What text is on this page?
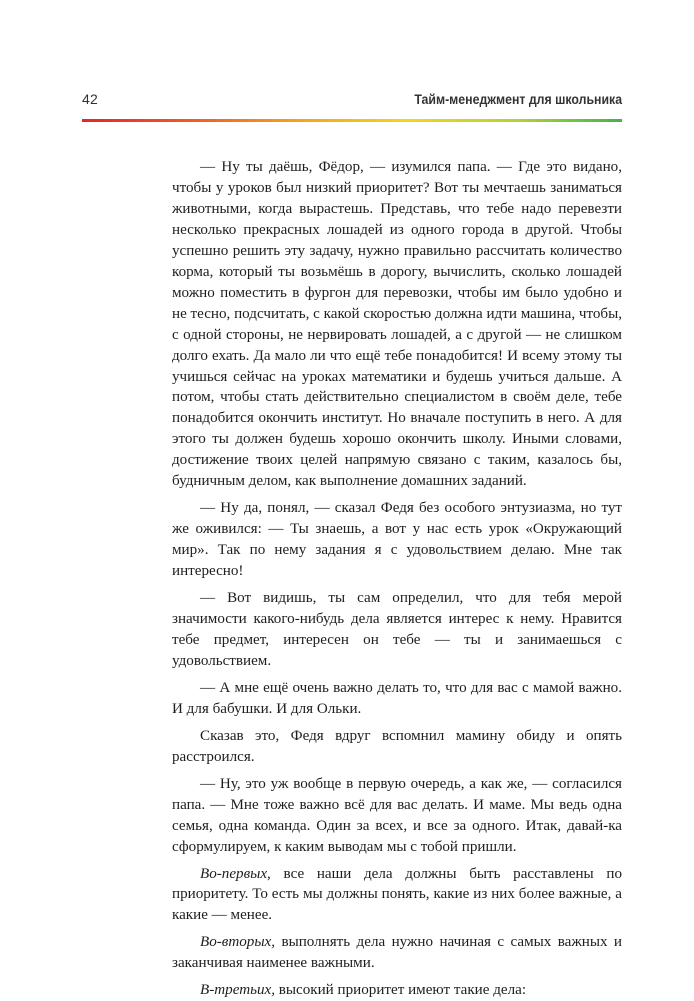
42	Тайм-менеджмент для школьника

— Ну ты даёшь, Фёдор, — изумился папа. — Где это видано, чтобы у уроков был низкий приоритет? Вот ты мечтаешь заниматься животными, когда вырастешь. Представь, что тебе надо перевезти несколько прекрасных лошадей из одного города в другой. Чтобы успешно решить эту задачу, нужно правильно рассчитать количество корма, который ты возьмёшь в дорогу, вычислить, сколько лошадей можно поместить в фургон для перевозки, чтобы им было удобно и не тесно, подсчитать, с какой скоростью должна идти машина, чтобы, с одной стороны, не нервировать лошадей, а с другой — не слишком долго ехать. Да мало ли что ещё тебе понадобится! И всему этому ты учишься сейчас на уроках математики и будешь учиться дальше. А потом, чтобы стать действительно специалистом в своём деле, тебе понадобится окончить институт. Но вначале поступить в него. А для этого ты должен будешь хорошо окончить школу. Иными словами, достижение твоих целей напрямую связано с таким, казалось бы, будничным делом, как выполнение домашних заданий.

— Ну да, понял, — сказал Федя без особого энтузиазма, но тут же оживился: — Ты знаешь, а вот у нас есть урок «Окружающий мир». Так по нему задания я с удовольствием делаю. Мне так интересно!

— Вот видишь, ты сам определил, что для тебя мерой значимости какого-нибудь дела является интерес к нему. Нравится тебе предмет, интересен он тебе — ты и занимаешься с удовольствием.

— А мне ещё очень важно делать то, что для вас с мамой важно. И для бабушки. И для Ольки.

Сказав это, Федя вдруг вспомнил мамину обиду и опять расстроился.

— Ну, это уж вообще в первую очередь, а как же, — согласился папа. — Мне тоже важно всё для вас делать. И маме. Мы ведь одна семья, одна команда. Один за всех, и все за одного. Итак, давай-ка сформулируем, к каким выводам мы с тобой пришли.

Во-первых, все наши дела должны быть расставлены по приоритету. То есть мы должны понять, какие из них более важные, а какие — менее.

Во-вторых, выполнять дела нужно начиная с самых важных и заканчивая наименее важными.

В-третьих, высокий приоритет имеют такие дела:
